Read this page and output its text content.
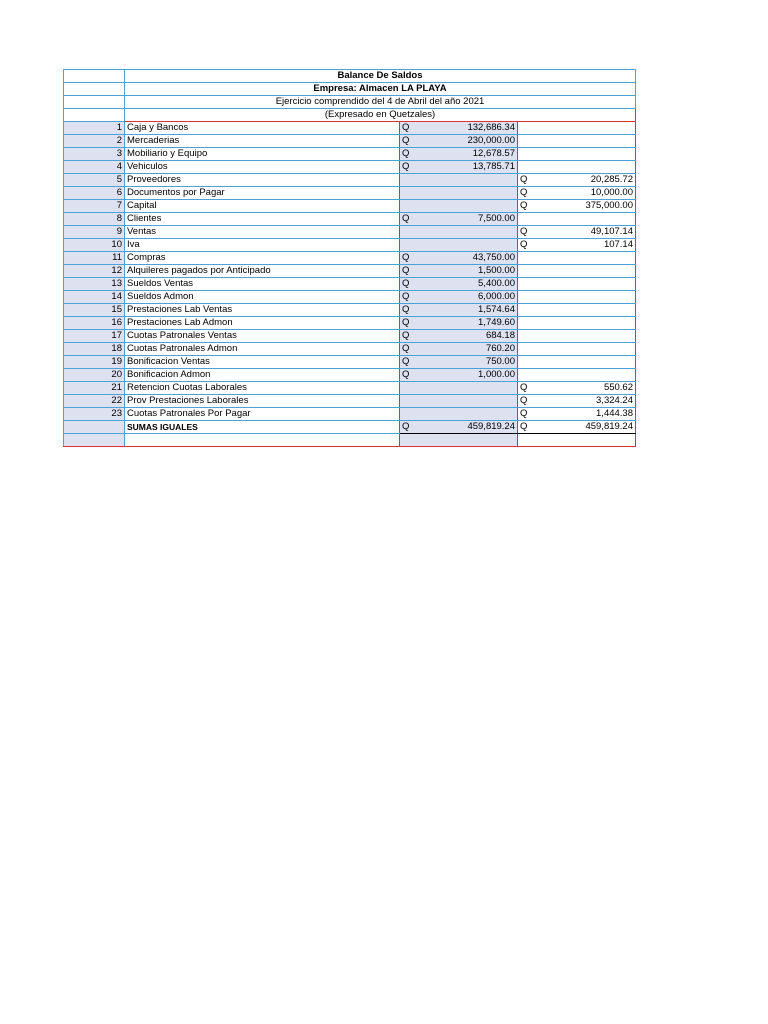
	Balance De Saldos		
	Empresa: Almacen LA PLAYA		
	Ejercicio comprendido del 4 de Abril del año 2021		
	(Expresado en Quetzales)		
1	Caja y Bancos	Q 132,686.34	

2	Mercaderias	Q 230,000.00	

3	Mobiliario y Equipo	Q 12,678.57	

4	Vehiculos	Q 13,785.71	

5	Proveedores		Q 20,285.72

6	Documentos por Pagar		Q 10,000.00

7	Capital		Q 375,000.00

8	Clientes	Q 7,500.00	

9	Ventas		Q 49,107.14

10	Iva		Q 107.14

11	Compras	Q 43,750.00	

12	Alquileres pagados por Anticipado	Q 1,500.00	

13	Sueldos Ventas	Q 5,400.00	

14	Sueldos Admon	Q 6,000.00	

15	Prestaciones Lab Ventas	Q 1,574.64	

16	Prestaciones Lab Admon	Q 1,749.60	

17	Cuotas Patronales Ventas	Q 684.18	

18	Cuotas Patronales Admon	Q 760.20	

19	Bonificacion Ventas	Q 750.00	

20	Bonificacion Admon	Q 1,000.00	

21	Retencion Cuotas Laborales		Q 550.62

22	Prov Prestaciones Laborales		Q 3,324.24

23	Cuotas Patronales Por Pagar		Q 1,444.38

	SUMAS IGUALES	Q 459,819.24	Q 459,819.24
